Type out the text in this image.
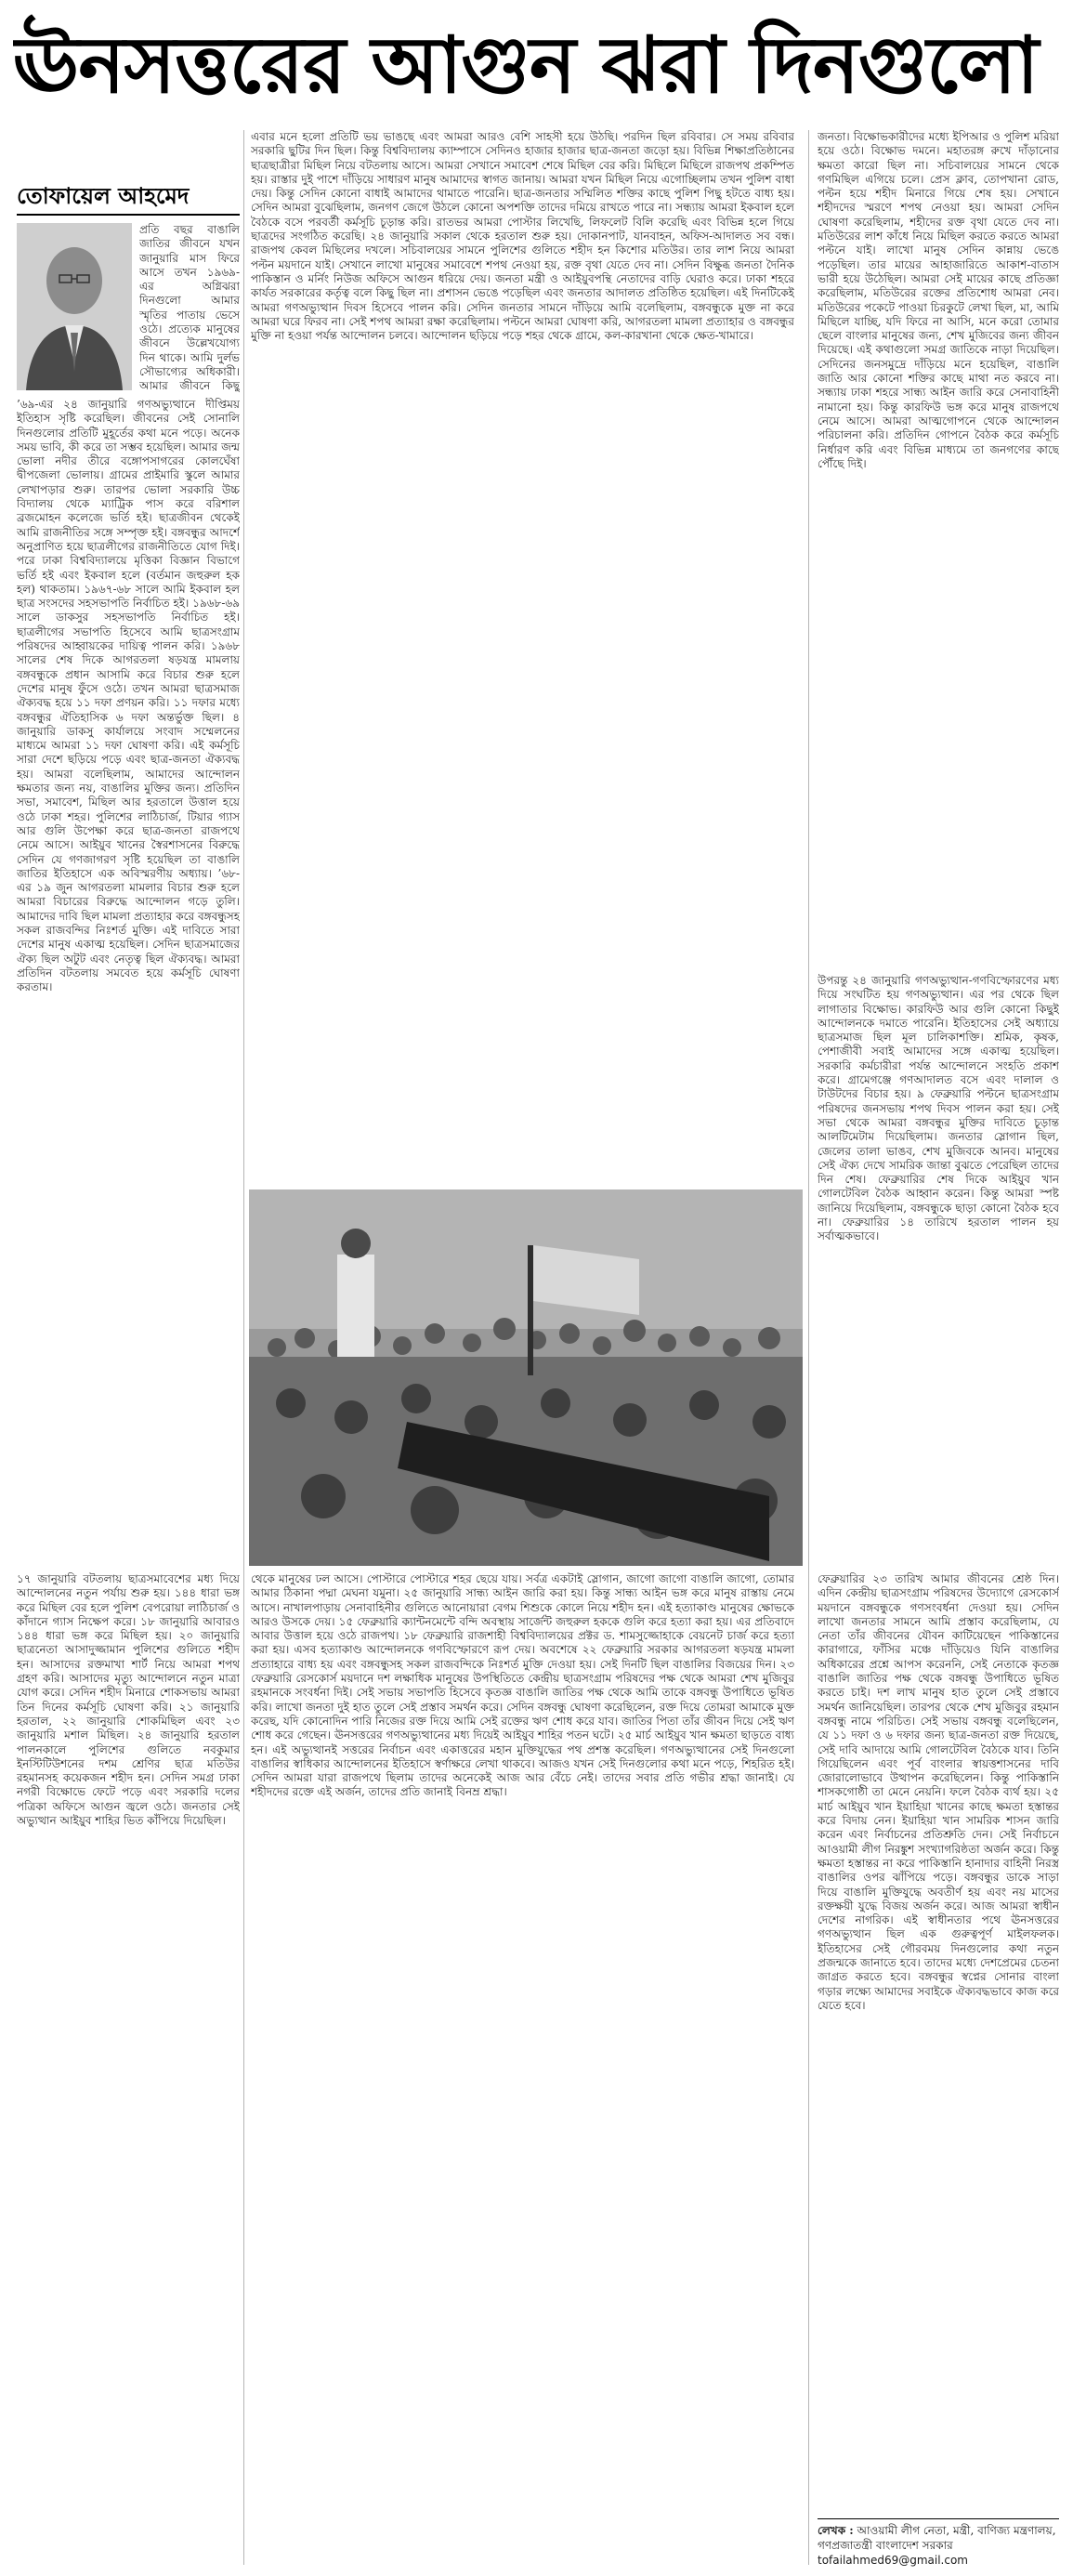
ঊনসত্তরের আগুন ঝরা দিনগুলো
তোফায়েল আহমেদ

প্রতি বছর বাঙালি জাতির জীবনে যখন জানুয়ারি মাস ফিরে আসে তখন ১৯৬৯-এর অগ্নিঝরা দিনগুলো আমার স্মৃতির পাতায় ভেসে ওঠে। প্রত্যেক মানুষের জীবনে উল্লেখযোগ্য দিন থাকে। আমি দুর্লভ সৌভাগ্যের অধিকারী। আমার জীবনে কিছু

’৬৯-এর ২৪ জানুয়ারি গণঅভ্যুত্থানে দীপ্তিময় ইতিহাস সৃষ্টি করেছিল। জীবনের সেই সোনালি দিনগুলোর প্রতিটি মুহূর্তের কথা মনে পড়ে। অনেক সময় ভাবি, কী করে তা সম্ভব হয়েছিল। আমার জন্ম ভোলা নদীর তীরে বঙ্গোপসাগরের কোলঘেঁষা দ্বীপজেলা ভোলায়। গ্রামের প্রাইমারি স্কুলে আমার লেখাপড়ার শুরু। তারপর ভোলা সরকারি উচ্চ বিদ্যালয় থেকে ম্যাট্রিক পাস করে বরিশাল ব্রজমোহন কলেজে ভর্তি হই। ছাত্রজীবন থেকেই আমি রাজনীতির সঙ্গে সম্পৃক্ত হই। বঙ্গবন্ধুর আদর্শে অনুপ্রাণিত হয়ে ছাত্রলীগের রাজনীতিতে যোগ দিই। পরে ঢাকা বিশ্ববিদ্যালয়ে মৃত্তিকা বিজ্ঞান বিভাগে ভর্তি হই এবং ইকবাল হলে (বর্তমান জহুরুল হক হল) থাকতাম। ১৯৬৭-৬৮ সালে আমি ইকবাল হল ছাত্র সংসদের সহসভাপতি নির্বাচিত হই। ১৯৬৮-৬৯ সালে ডাকসুর সহসভাপতি নির্বাচিত হই। ছাত্রলীগের সভাপতি হিসেবে আমি ছাত্রসংগ্রাম পরিষদের আহ্বায়কের দায়িত্ব পালন করি। ১৯৬৮ সালের শেষ দিকে আগরতলা ষড়যন্ত্র মামলায় বঙ্গবন্ধুকে প্রধান আসামি করে বিচার শুরু হলে দেশের মানুষ ফুঁসে ওঠে। তখন আমরা ছাত্রসমাজ ঐক্যবদ্ধ হয়ে ১১ দফা প্রণয়ন করি। ১১ দফার মধ্যে বঙ্গবন্ধুর ঐতিহাসিক ৬ দফা অন্তর্ভুক্ত ছিল। ৪ জানুয়ারি ডাকসু কার্যালয়ে সংবাদ সম্মেলনের মাধ্যমে আমরা ১১ দফা ঘোষণা করি। এই কর্মসূচি সারা দেশে ছড়িয়ে পড়ে এবং ছাত্র-জনতা ঐক্যবদ্ধ হয়। আমরা বলেছিলাম, আমাদের আন্দোলন ক্ষমতার জন্য নয়, বাঙালির মুক্তির জন্য। প্রতিদিন সভা, সমাবেশ, মিছিল আর হরতালে উত্তাল হয়ে ওঠে ঢাকা শহর। পুলিশের লাঠিচার্জ, টিয়ার গ্যাস আর গুলি উপেক্ষা করে ছাত্র-জনতা রাজপথে নেমে আসে। আইয়ুব খানের স্বৈরশাসনের বিরুদ্ধে সেদিন যে গণজাগরণ সৃষ্টি হয়েছিল তা বাঙালি জাতির ইতিহাসে এক অবিস্মরণীয় অধ্যায়। ’৬৮-এর ১৯ জুন আগরতলা মামলার বিচার শুরু হলে আমরা বিচারের বিরুদ্ধে আন্দোলন গড়ে তুলি। আমাদের দাবি ছিল মামলা প্রত্যাহার করে বঙ্গবন্ধুসহ সকল রাজবন্দির নিঃশর্ত মুক্তি। এই দাবিতে সারা দেশের মানুষ একাত্ম হয়েছিল। সেদিন ছাত্রসমাজের ঐক্য ছিল অটুট এবং নেতৃত্ব ছিল ঐক্যবদ্ধ। আমরা প্রতিদিন বটতলায় সমবেত হয়ে কর্মসূচি ঘোষণা করতাম।

১৭ জানুয়ারি বটতলায় ছাত্রসমাবেশের মধ্য দিয়ে আন্দোলনের নতুন পর্যায় শুরু হয়। ১৪৪ ধারা ভঙ্গ করে মিছিল বের হলে পুলিশ বেপরোয়া লাঠিচার্জ ও কাঁদানে গ্যাস নিক্ষেপ করে। ১৮ জানুয়ারি আবারও ১৪৪ ধারা ভঙ্গ করে মিছিল হয়। ২০ জানুয়ারি ছাত্রনেতা আসাদুজ্জামান পুলিশের গুলিতে শহীদ হন। আসাদের রক্তমাখা শার্ট নিয়ে আমরা শপথ গ্রহণ করি। আসাদের মৃত্যু আন্দোলনে নতুন মাত্রা যোগ করে। সেদিন শহীদ মিনারে শোকসভায় আমরা তিন দিনের কর্মসূচি ঘোষণা করি। ২১ জানুয়ারি হরতাল, ২২ জানুয়ারি শোকমিছিল এবং ২৩ জানুয়ারি মশাল মিছিল। ২৪ জানুয়ারি হরতাল পালনকালে পুলিশের গুলিতে নবকুমার ইনস্টিটিউশনের দশম শ্রেণির ছাত্র মতিউর রহমানসহ কয়েকজন শহীদ হন। সেদিন সমগ্র ঢাকা নগরী বিক্ষোভে ফেটে পড়ে এবং সরকারি দলের পত্রিকা অফিসে আগুন জ্বলে ওঠে। জনতার সেই অভ্যুত্থান আইয়ুব শাহির ভিত কাঁপিয়ে দিয়েছিল।

এবার মনে হলো প্রতিটি ভয় ভাঙছে এবং আমরা আরও বেশি সাহসী হয়ে উঠছি। পরদিন ছিল রবিবার। সে সময় রবিবার সরকারি ছুটির দিন ছিল। কিন্তু বিশ্ববিদ্যালয় ক্যাম্পাসে সেদিনও হাজার হাজার ছাত্র-জনতা জড়ো হয়। বিভিন্ন শিক্ষাপ্রতিষ্ঠানের ছাত্রছাত্রীরা মিছিল নিয়ে বটতলায় আসে। আমরা সেখানে সমাবেশ শেষে মিছিল বের করি। মিছিলে মিছিলে রাজপথ প্রকম্পিত হয়। রাস্তার দুই পাশে দাঁড়িয়ে সাধারণ মানুষ আমাদের স্বাগত জানায়। আমরা যখন মিছিল নিয়ে এগোচ্ছিলাম তখন পুলিশ বাধা দেয়। কিন্তু সেদিন কোনো বাধাই আমাদের থামাতে পারেনি। ছাত্র-জনতার সম্মিলিত শক্তির কাছে পুলিশ পিছু হটতে বাধ্য হয়। সেদিন আমরা বুঝেছিলাম, জনগণ জেগে উঠলে কোনো অপশক্তি তাদের দমিয়ে রাখতে পারে না। সন্ধ্যায় আমরা ইকবাল হলে বৈঠকে বসে পরবর্তী কর্মসূচি চূড়ান্ত করি। রাতভর আমরা পোস্টার লিখেছি, লিফলেট বিলি করেছি এবং বিভিন্ন হলে গিয়ে ছাত্রদের সংগঠিত করেছি। ২৪ জানুয়ারি সকাল থেকে হরতাল শুরু হয়। দোকানপাট, যানবাহন, অফিস-আদালত সব বন্ধ। রাজপথ কেবল মিছিলের দখলে। সচিবালয়ের সামনে পুলিশের গুলিতে শহীদ হন কিশোর মতিউর। তার লাশ নিয়ে আমরা পল্টন ময়দানে যাই। সেখানে লাখো মানুষের সমাবেশে শপথ নেওয়া হয়, রক্ত বৃথা যেতে দেব না। সেদিন বিক্ষুব্ধ জনতা দৈনিক পাকিস্তান ও মর্নিং নিউজ অফিসে আগুন ধরিয়ে দেয়। জনতা মন্ত্রী ও আইয়ুবপন্থি নেতাদের বাড়ি ঘেরাও করে। ঢাকা শহরে কার্যত সরকারের কর্তৃত্ব বলে কিছু ছিল না। প্রশাসন ভেঙে পড়েছিল এবং জনতার আদালত প্রতিষ্ঠিত হয়েছিল। এই দিনটিকেই আমরা গণঅভ্যুত্থান দিবস হিসেবে পালন করি। সেদিন জনতার সামনে দাঁড়িয়ে আমি বলেছিলাম, বঙ্গবন্ধুকে মুক্ত না করে আমরা ঘরে ফিরব না। সেই শপথ আমরা রক্ষা করেছিলাম। পল্টনে আমরা ঘোষণা করি, আগরতলা মামলা প্রত্যাহার ও বঙ্গবন্ধুর মুক্তি না হওয়া পর্যন্ত আন্দোলন চলবে। আন্দোলন ছড়িয়ে পড়ে শহর থেকে গ্রামে, কল-কারখানা থেকে ক্ষেত-খামারে।

থেকে মানুষের ঢল আসে। পোস্টারে পোস্টারে শহর ছেয়ে যায়। সর্বত্র একটাই স্লোগান, জাগো জাগো বাঙালি জাগো, তোমার আমার ঠিকানা পদ্মা মেঘনা যমুনা। ২৫ জানুয়ারি সান্ধ্য আইন জারি করা হয়। কিন্তু সান্ধ্য আইন ভঙ্গ করে মানুষ রাস্তায় নেমে আসে। নাখালপাড়ায় সেনাবাহিনীর গুলিতে আনোয়ারা বেগম শিশুকে কোলে নিয়ে শহীদ হন। এই হত্যাকাণ্ড মানুষের ক্ষোভকে আরও উসকে দেয়। ১৫ ফেব্রুয়ারি ক্যান্টনমেন্টে বন্দি অবস্থায় সার্জেন্ট জহুরুল হককে গুলি করে হত্যা করা হয়। এর প্রতিবাদে আবার উত্তাল হয়ে ওঠে রাজপথ। ১৮ ফেব্রুয়ারি রাজশাহী বিশ্ববিদ্যালয়ের প্রক্টর ড. শামসুজ্জোহাকে বেয়নেট চার্জ করে হত্যা করা হয়। এসব হত্যাকাণ্ড আন্দোলনকে গণবিস্ফোরণে রূপ দেয়। অবশেষে ২২ ফেব্রুয়ারি সরকার আগরতলা ষড়যন্ত্র মামলা প্রত্যাহারে বাধ্য হয় এবং বঙ্গবন্ধুসহ সকল রাজবন্দিকে নিঃশর্ত মুক্তি দেওয়া হয়। সেই দিনটি ছিল বাঙালির বিজয়ের দিন। ২৩ ফেব্রুয়ারি রেসকোর্স ময়দানে দশ লক্ষাধিক মানুষের উপস্থিতিতে কেন্দ্রীয় ছাত্রসংগ্রাম পরিষদের পক্ষ থেকে আমরা শেখ মুজিবুর রহমানকে সংবর্ধনা দিই। সেই সভায় সভাপতি হিসেবে কৃতজ্ঞ বাঙালি জাতির পক্ষ থেকে আমি তাকে বঙ্গবন্ধু উপাধিতে ভূষিত করি। লাখো জনতা দুই হাত তুলে সেই প্রস্তাব সমর্থন করে। সেদিন বঙ্গবন্ধু ঘোষণা করেছিলেন, রক্ত দিয়ে তোমরা আমাকে মুক্ত করেছ, যদি কোনোদিন পারি নিজের রক্ত দিয়ে আমি সেই রক্তের ঋণ শোধ করে যাব। জাতির পিতা তাঁর জীবন দিয়ে সেই ঋণ শোধ করে গেছেন। ঊনসত্তরের গণঅভ্যুত্থানের মধ্য দিয়েই আইয়ুব শাহির পতন ঘটে। ২৫ মার্চ আইয়ুব খান ক্ষমতা ছাড়তে বাধ্য হন। এই অভ্যুত্থানই সত্তরের নির্বাচন এবং একাত্তরের মহান মুক্তিযুদ্ধের পথ প্রশস্ত করেছিল। গণঅভ্যুত্থানের সেই দিনগুলো বাঙালির স্বাধিকার আন্দোলনের ইতিহাসে স্বর্ণাক্ষরে লেখা থাকবে। আজও যখন সেই দিনগুলোর কথা মনে পড়ে, শিহরিত হই। সেদিন আমরা যারা রাজপথে ছিলাম তাদের অনেকেই আজ আর বেঁচে নেই। তাদের সবার প্রতি গভীর শ্রদ্ধা জানাই। যে শহীদদের রক্তে এই অর্জন, তাদের প্রতি জানাই বিনম্র শ্রদ্ধা।

জনতা। বিক্ষোভকারীদের মধ্যে ইপিআর ও পুলিশ মরিয়া হয়ে ওঠে। বিক্ষোভ দমনে। মহাতরঙ্গ রুখে দাঁড়ানোর ক্ষমতা কারো ছিল না। সচিবালয়ের সামনে থেকে গণমিছিল এগিয়ে চলে। প্রেস ক্লাব, তোপখানা রোড, পল্টন হয়ে শহীদ মিনারে গিয়ে শেষ হয়। সেখানে শহীদদের স্মরণে শপথ নেওয়া হয়। আমরা সেদিন ঘোষণা করেছিলাম, শহীদের রক্ত বৃথা যেতে দেব না। মতিউরের লাশ কাঁধে নিয়ে মিছিল করতে করতে আমরা পল্টনে যাই। লাখো মানুষ সেদিন কান্নায় ভেঙে পড়েছিল। তার মায়ের আহাজারিতে আকাশ-বাতাস ভারী হয়ে উঠেছিল। আমরা সেই মায়ের কাছে প্রতিজ্ঞা করেছিলাম, মতিউরের রক্তের প্রতিশোধ আমরা নেব। মতিউরের পকেটে পাওয়া চিরকুটে লেখা ছিল, মা, আমি মিছিলে যাচ্ছি, যদি ফিরে না আসি, মনে করো তোমার ছেলে বাংলার মানুষের জন্য, শেখ মুজিবের জন্য জীবন দিয়েছে। এই কথাগুলো সমগ্র জাতিকে নাড়া দিয়েছিল। সেদিনের জনসমুদ্রে দাঁড়িয়ে মনে হয়েছিল, বাঙালি জাতি আর কোনো শক্তির কাছে মাথা নত করবে না। সন্ধ্যায় ঢাকা শহরে সান্ধ্য আইন জারি করে সেনাবাহিনী নামানো হয়। কিন্তু কারফিউ ভঙ্গ করে মানুষ রাজপথে নেমে আসে। আমরা আত্মগোপনে থেকে আন্দোলন পরিচালনা করি। প্রতিদিন গোপনে বৈঠক করে কর্মসূচি নির্ধারণ করি এবং বিভিন্ন মাধ্যমে তা জনগণের কাছে পৌঁছে দিই।

উপরন্তু ২৪ জানুয়ারি গণঅভ্যুত্থান-গণবিস্ফোরণের মধ্য দিয়ে সংঘটিত হয় গণঅভ্যুত্থান। এর পর থেকে ছিল লাগাতার বিক্ষোভ। কারফিউ আর গুলি কোনো কিছুই আন্দোলনকে দমাতে পারেনি। ইতিহাসের সেই অধ্যায়ে ছাত্রসমাজ ছিল মূল চালিকাশক্তি। শ্রমিক, কৃষক, পেশাজীবী সবাই আমাদের সঙ্গে একাত্ম হয়েছিল। সরকারি কর্মচারীরা পর্যন্ত আন্দোলনে সংহতি প্রকাশ করে। গ্রামেগঞ্জে গণআদালত বসে এবং দালাল ও টাউটদের বিচার হয়। ৯ ফেব্রুয়ারি পল্টনে ছাত্রসংগ্রাম পরিষদের জনসভায় শপথ দিবস পালন করা হয়। সেই সভা থেকে আমরা বঙ্গবন্ধুর মুক্তির দাবিতে চূড়ান্ত আলটিমেটাম দিয়েছিলাম। জনতার স্লোগান ছিল, জেলের তালা ভাঙব, শেখ মুজিবকে আনব। মানুষের সেই ঐক্য দেখে সামরিক জান্তা বুঝতে পেরেছিল তাদের দিন শেষ। ফেব্রুয়ারির শেষ দিকে আইয়ুব খান গোলটেবিল বৈঠক আহ্বান করেন। কিন্তু আমরা স্পষ্ট জানিয়ে দিয়েছিলাম, বঙ্গবন্ধুকে ছাড়া কোনো বৈঠক হবে না। ফেব্রুয়ারির ১৪ তারিখে হরতাল পালন হয় সর্বাত্মকভাবে।

ফেব্রুয়ারির ২৩ তারিখ আমার জীবনের শ্রেষ্ঠ দিন। এদিন কেন্দ্রীয় ছাত্রসংগ্রাম পরিষদের উদ্যোগে রেসকোর্স ময়দানে বঙ্গবন্ধুকে গণসংবর্ধনা দেওয়া হয়। সেদিন লাখো জনতার সামনে আমি প্রস্তাব করেছিলাম, যে নেতা তাঁর জীবনের যৌবন কাটিয়েছেন পাকিস্তানের কারাগারে, ফাঁসির মঞ্চে দাঁড়িয়েও যিনি বাঙালির অধিকারের প্রশ্নে আপস করেননি, সেই নেতাকে কৃতজ্ঞ বাঙালি জাতির পক্ষ থেকে বঙ্গবন্ধু উপাধিতে ভূষিত করতে চাই। দশ লাখ মানুষ হাত তুলে সেই প্রস্তাবে সমর্থন জানিয়েছিল। তারপর থেকে শেখ মুজিবুর রহমান বঙ্গবন্ধু নামে পরিচিত। সেই সভায় বঙ্গবন্ধু বলেছিলেন, যে ১১ দফা ও ৬ দফার জন্য ছাত্র-জনতা রক্ত দিয়েছে, সেই দাবি আদায়ে আমি গোলটেবিল বৈঠকে যাব। তিনি গিয়েছিলেন এবং পূর্ব বাংলার স্বায়ত্তশাসনের দাবি জোরালোভাবে উত্থাপন করেছিলেন। কিন্তু পাকিস্তানি শাসকগোষ্ঠী তা মেনে নেয়নি। ফলে বৈঠক ব্যর্থ হয়। ২৫ মার্চ আইয়ুব খান ইয়াহিয়া খানের কাছে ক্ষমতা হস্তান্তর করে বিদায় নেন। ইয়াহিয়া খান সামরিক শাসন জারি করেন এবং নির্বাচনের প্রতিশ্রুতি দেন। সেই নির্বাচনে আওয়ামী লীগ নিরঙ্কুশ সংখ্যাগরিষ্ঠতা অর্জন করে। কিন্তু ক্ষমতা হস্তান্তর না করে পাকিস্তানি হানাদার বাহিনী নিরস্ত্র বাঙালির ওপর ঝাঁপিয়ে পড়ে। বঙ্গবন্ধুর ডাকে সাড়া দিয়ে বাঙালি মুক্তিযুদ্ধে অবতীর্ণ হয় এবং নয় মাসের রক্তক্ষয়ী যুদ্ধে বিজয় অর্জন করে। আজ আমরা স্বাধীন দেশের নাগরিক। এই স্বাধীনতার পথে ঊনসত্তরের গণঅভ্যুত্থান ছিল এক গুরুত্বপূর্ণ মাইলফলক। ইতিহাসের সেই গৌরবময় দিনগুলোর কথা নতুন প্রজন্মকে জানাতে হবে। তাদের মধ্যে দেশপ্রেমের চেতনা জাগ্রত করতে হবে। বঙ্গবন্ধুর স্বপ্নের সোনার বাংলা গড়ার লক্ষ্যে আমাদের সবাইকে ঐক্যবদ্ধভাবে কাজ করে যেতে হবে।

লেখক : আওয়ামী লীগ নেতা, মন্ত্রী, বাণিজ্য মন্ত্রণালয়, গণপ্রজাতন্ত্রী বাংলাদেশ সরকার
tofailahmed69@gmail.com
